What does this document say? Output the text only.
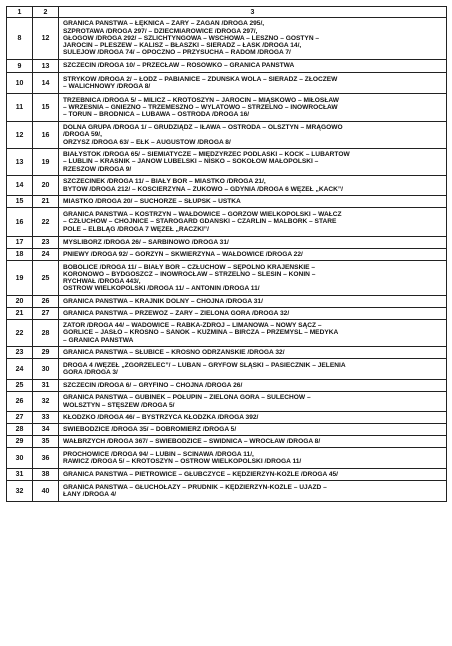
1	2	3
8	12	GRANICA PAŃSTWA – ŁĘKNICA – ŻARY – ŻAGAŃ /DROGA 295/,
SZPROTAWA /DROGA 297/ – DZIECMIAROWICE /DROGA 297/,
GŁOGÓW /DROGA 292/ – SZLICHTYNGOWA – WSCHOWA – LESZNO – GOSTYŃ –
JAROCIN – PLESZEW – KALISZ – BŁASZKI – SIERADZ – ŁASK /DROGA 14/,
SULEJÓW /DROGA 74/ – OPOCZNO – PRZYSUCHA – RADOM /DROGA 7/

9	13	SZCZECIN /DROGA 10/ – PRZECŁAW – ROSÓWKO – GRANICA PAŃSTWA

10	14	STRYKÓW /DROGA 2/ – ŁÓDŹ – PABIANICE – ZDUŃSKA WOLA – SIERADZ – ZŁOCZEW
– WALICHNOWY /DROGA 8/

11	15	TRZEBNICA /DROGA 5/ – MILICZ – KROTOSZYN – JAROCIN – MIĄSKOWO – MIŁOSŁAW
– WRZEŚNIA – GNIEZNO – TRZEMESZNO – WYLATOWO – STRZELNO – INOWROCŁAW
– TORUŃ – BRODNICA – LUBAWA – OSTRÓDA /DROGA 16/

12	16	DOLNA GRUPA /DROGA 1/ – GRUDZIĄDZ – IŁAWA – OSTRÓDA – OLSZTYN – MRĄGOWO
/DROGA 59/,
ORZYSZ /DROGA 63/ – EŁK – AUGUSTÓW /DROGA 8/

13	19	BIAŁYSTOK /DROGA 65/ – SIEMIATYCZE – MIĘDZYRZEC PODLASKI – KOCK – LUBARTÓW
– LUBLIN – KRAŚNIK – JANÓW LUBELSKI – NISKO – SOKOŁÓW MAŁOPOLSKI –
RZESZÓW /DROGA 9/

14	20	SZCZECINEK /DROGA 11/ – BIAŁY BÓR – MIASTKO /DROGA 21/,
BYTÓW /DROGA 212/ – KOŚCIERZYNA – ŻUKOWO – GDYNIA /DROGA 6 WĘZEŁ „KACK”/

15	21	MIASTKO /DROGA 20/ – SUCHORZE – SŁUPSK – USTKA

16	22	GRANICA PAŃSTWA – KOSTRZYN – WAŁDOWICE – GORZÓW WIELKOPOLSKI – WAŁCZ
– CZŁUCHÓW – CHOJNICE – STAROGARD GDAŃSKI – CZARLIN – MALBORK – STARE
POLE – ELBLĄG /DROGA 7 WĘZEŁ „RACZKI”/

17	23	MYŚLIBÓRZ /DROGA 26/ – SARBINOWO /DROGA 31/

18	24	PNIEWY /DROGA 92/ – GORZYŃ – SKWIERZYNA – WAŁDOWICE /DROGA 22/

19	25	BOBOLICE /DROGA 11/ – BIAŁY BÓR – CZŁUCHÓW – SĘPÓLNO KRAJEŃSKIE –
KORONOWO – BYDGOSZCZ – INOWROCŁAW – STRZELNO – ŚLESIN – KONIN –
RYCHWAŁ /DROGA 443/,
OSTRÓW WIELKOPOLSKI /DROGA 11/ – ANTONIN /DROGA 11/

20	26	GRANICA PAŃSTWA – KRAJNIK DOLNY – CHOJNA /DROGA 31/

21	27	GRANICA PAŃSTWA – PRZEWÓZ – ŻARY – ZIELONA GÓRA /DROGA 32/

22	28	ZATOR /DROGA 44/ – WADOWICE – RABKA-ZDRÓJ – LIMANOWA – NOWY SĄCZ –
GORLICE – JASŁO – KROSNO – SANOK – KUŹMINA – BIRCZA – PRZEMYŚL – MEDYKA
– GRANICA PAŃSTWA

23	29	GRANICA PAŃSTWA – SŁUBICE – KROSNO ODRZAŃSKIE /DROGA 32/

24	30	DROGA 4 /WĘZEŁ „ZGORZELEC”/ – LUBAŃ – GRYFÓW ŚLĄSKI – PASIECZNIK – JELENIA
GÓRA /DROGA 3/

25	31	SZCZECIN /DROGA 6/ – GRYFINO – CHOJNA /DROGA 26/

26	32	GRANICA PAŃSTWA – GUBINEK – POŁUPIN – ZIELONA GÓRA – SULECHÓW –
WOLSZTYN – STĘSZEW /DROGA 5/

27	33	KŁODZKO /DROGA 46/ – BYSTRZYCA KŁODZKA /DROGA 392/

28	34	ŚWIEBODZICE /DROGA 35/ – DOBROMIERZ /DROGA 5/

29	35	WAŁBRZYCH /DROGA 367/ – ŚWIEBODZICE – ŚWIDNICA – WROCŁAW /DROGA 8/

30	36	PROCHOWICE /DROGA 94/ – LUBIN – ŚCINAWA /DROGA 11/,
RAWICZ /DROGA 5/ – KROTOSZYN – OSTRÓW WIELKOPOLSKI /DROGA 11/

31	38	GRANICA PAŃSTWA – PIETROWICE – GŁUBCZYCE – KĘDZIERZYN-KOŹLE /DROGA 45/

32	40	GRANICA PAŃSTWA – GŁUCHOŁAZY – PRUDNIK – KĘDZIERZYN-KOŹLE – UJAZD –
ŁANY /DROGA 4/
